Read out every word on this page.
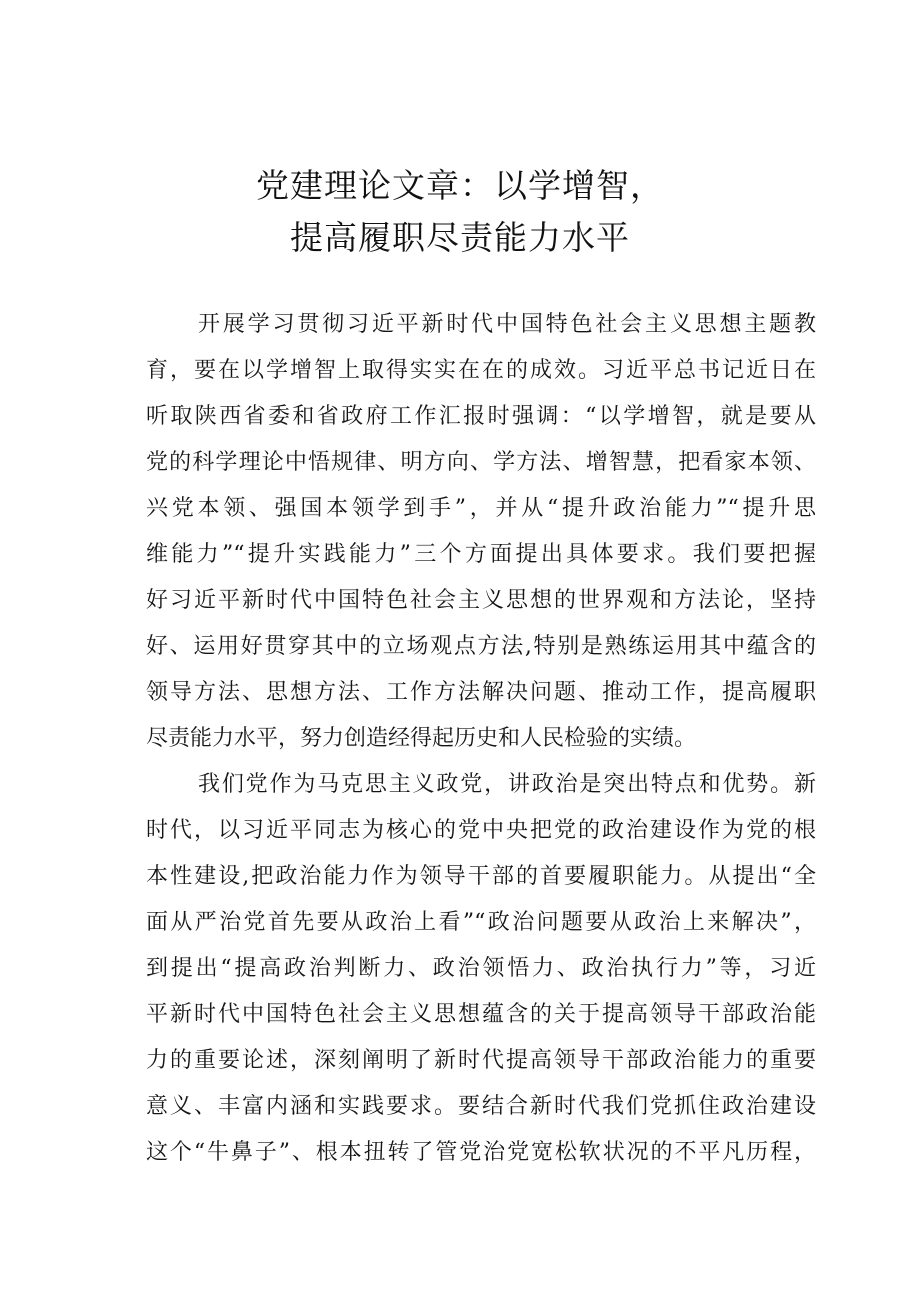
党建理论文章：以学增智，
提高履职尽责能力水平
开展学习贯彻习近平新时代中国特色社会主义思想主题教
育，要在以学增智上取得实实在在的成效。习近平总书记近日在
听取陕西省委和省政府工作汇报时强调：“以学增智，就是要从
党的科学理论中悟规律、明方向、学方法、增智慧，把看家本领、
兴党本领、强国本领学到手”，并从“提升政治能力”“提升思
维能力”“提升实践能力”三个方面提出具体要求。我们要把握
好习近平新时代中国特色社会主义思想的世界观和方法论，坚持
好、运用好贯穿其中的立场观点方法,特别是熟练运用其中蕴含的
领导方法、思想方法、工作方法解决问题、推动工作，提高履职
尽责能力水平，努力创造经得起历史和人民检验的实绩。
我们党作为马克思主义政党，讲政治是突出特点和优势。新
时代，以习近平同志为核心的党中央把党的政治建设作为党的根
本性建设,把政治能力作为领导干部的首要履职能力。从提出“全
面从严治党首先要从政治上看”“政治问题要从政治上来解决”，
到提出“提高政治判断力、政治领悟力、政治执行力”等，习近
平新时代中国特色社会主义思想蕴含的关于提高领导干部政治能
力的重要论述，深刻阐明了新时代提高领导干部政治能力的重要
意义、丰富内涵和实践要求。要结合新时代我们党抓住政治建设
这个“牛鼻子”、根本扭转了管党治党宽松软状况的不平凡历程，
